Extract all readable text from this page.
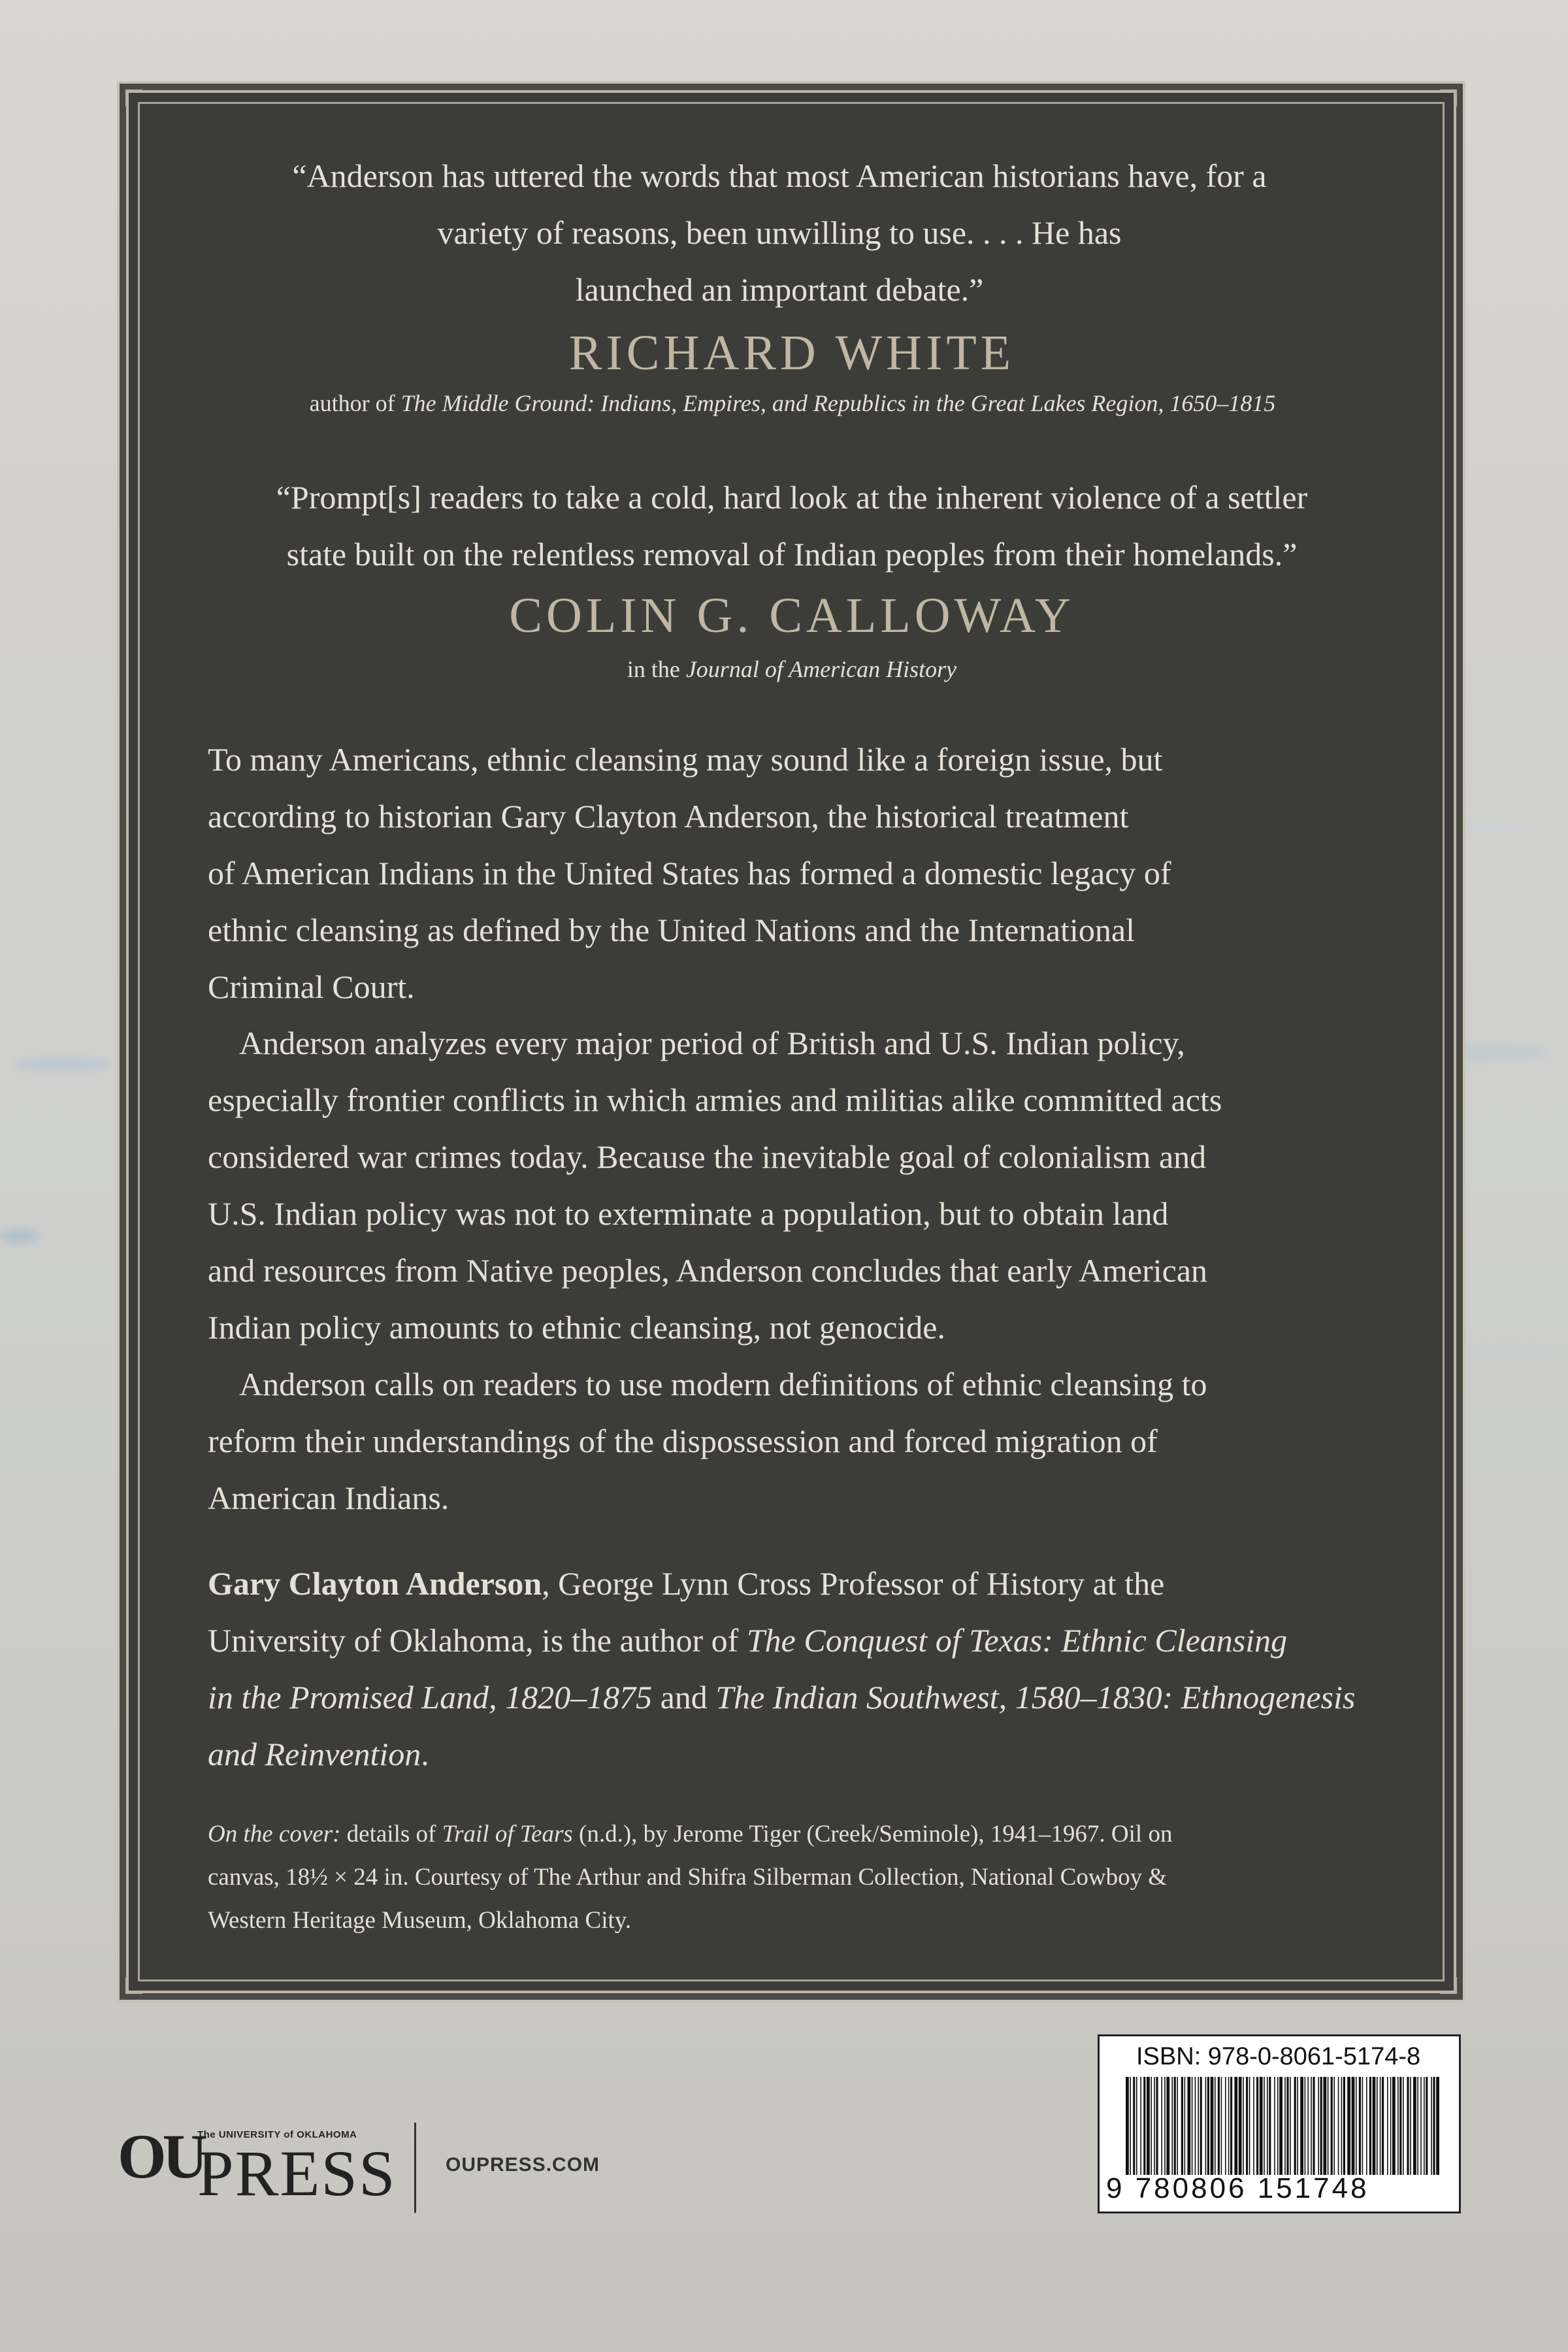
“Anderson has uttered the words that most American historians have, for a
variety of reasons, been unwilling to use. . . . He has
launched an important debate.”
RICHARD WHITE
author of The Middle Ground: Indians, Empires, and Republics in the Great Lakes Region, 1650–1815
“Prompt[s] readers to take a cold, hard look at the inherent violence of a settler
state built on the relentless removal of Indian peoples from their homelands.”
COLIN G. CALLOWAY
in the Journal of American History
To many Americans, ethnic cleansing may sound like a foreign issue, but
according to historian Gary Clayton Anderson, the historical treatment
of American Indians in the United States has formed a domestic legacy of
ethnic cleansing as defined by the United Nations and the International
Criminal Court.
Anderson analyzes every major period of British and U.S. Indian policy,
especially frontier conflicts in which armies and militias alike committed acts
considered war crimes today. Because the inevitable goal of colonialism and
U.S. Indian policy was not to exterminate a population, but to obtain land
and resources from Native peoples, Anderson concludes that early American
Indian policy amounts to ethnic cleansing, not genocide.
Anderson calls on readers to use modern definitions of ethnic cleansing to
reform their understandings of the dispossession and forced migration of
American Indians.
Gary Clayton Anderson, George Lynn Cross Professor of History at the
University of Oklahoma, is the author of The Conquest of Texas: Ethnic Cleansing
in the Promised Land, 1820–1875 and The Indian Southwest, 1580–1830: Ethnogenesis
and Reinvention.
On the cover: details of Trail of Tears (n.d.), by Jerome Tiger (Creek/Seminole), 1941–1967. Oil on
canvas, 18½ × 24 in. Courtesy of The Arthur and Shifra Silberman Collection, National Cowboy &
Western Heritage Museum, Oklahoma City.
OU
The UNIVERSITY of OKLAHOMA
PRESS	OUPRESS.COM
ISBN: 978-0-8061-5174-8
9 780806 151748
